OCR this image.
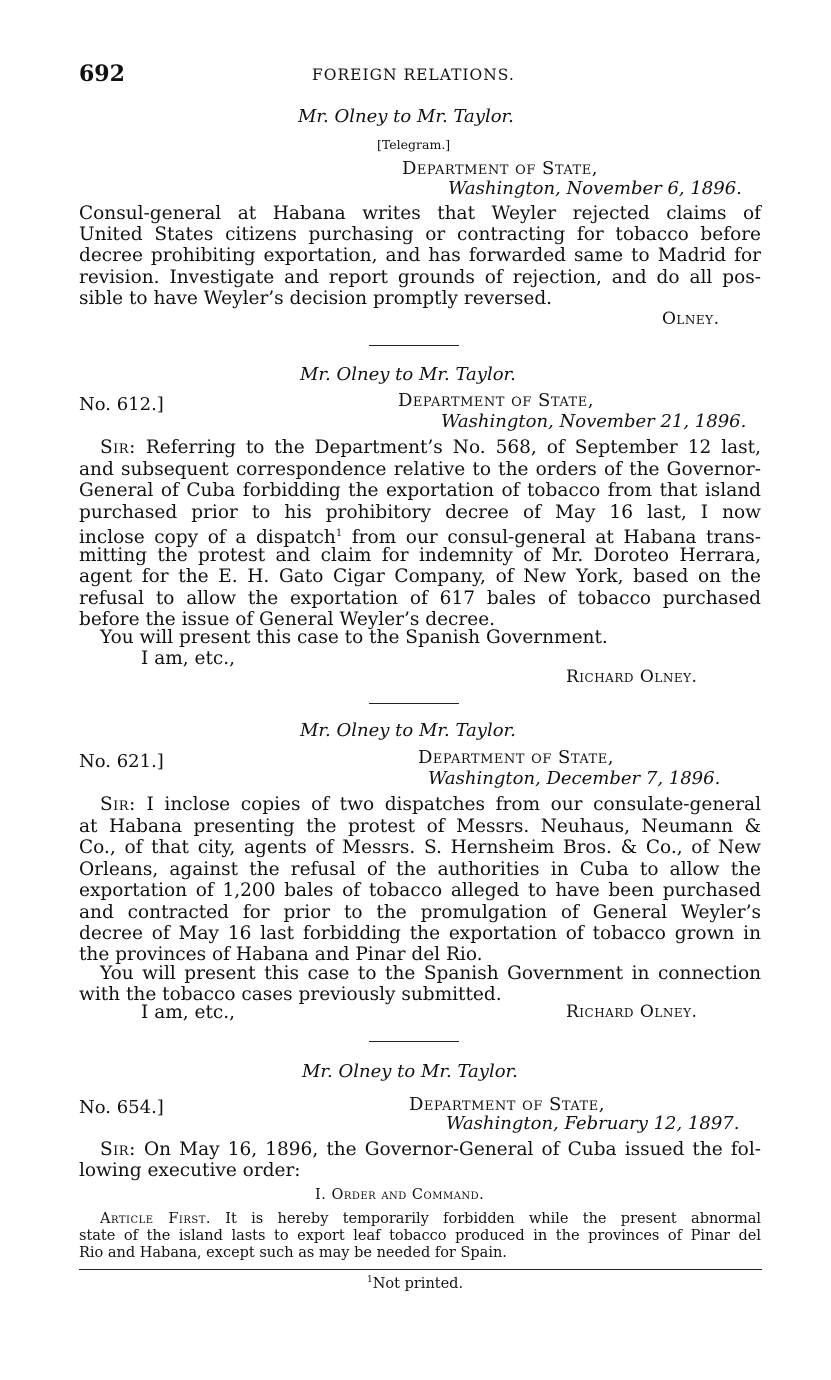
692	FOREIGN RELATIONS.
Mr. Olney to Mr. Taylor.
[Telegram.]
Department of State,
Washington, November 6, 1896.
Consul-general at Habana writes that Weyler rejected claims of
United States citizens purchasing or contracting for tobacco before
decree prohibiting exportation, and has forwarded same to Madrid for
revision. Investigate and report grounds of rejection, and do all pos-
sible to have Weyler’s decision promptly reversed.
Olney.
Mr. Olney to Mr. Taylor.
No. 612.]	Department of State,
Washington, November 21, 1896.
Sir: Referring to the Department’s No. 568, of September 12 last,
and subsequent correspondence relative to the orders of the Governor-
General of Cuba forbidding the exportation of tobacco from that island
purchased prior to his prohibitory decree of May 16 last, I now
inclose copy of a dispatch$^1$ from our consul-general at Habana trans-
mitting the protest and claim for indemnity of Mr. Doroteo Herrara,
agent for the E. H. Gato Cigar Company, of New York, based on the
refusal to allow the exportation of 617 bales of tobacco purchased
before the issue of General Weyler’s decree.
You will present this case to the Spanish Government.
I am, etc.,
Richard Olney.
Mr. Olney to Mr. Taylor.
No. 621.]	Department of State,
Washington, December 7, 1896.
Sir: I inclose copies of two dispatches from our consulate-general
at Habana presenting the protest of Messrs. Neuhaus, Neumann &
Co., of that city, agents of Messrs. S. Hernsheim Bros. & Co., of New
Orleans, against the refusal of the authorities in Cuba to allow the
exportation of 1,200 bales of tobacco alleged to have been purchased
and contracted for prior to the promulgation of General Weyler’s
decree of May 16 last forbidding the exportation of tobacco grown in
the provinces of Habana and Pinar del Rio.
You will present this case to the Spanish Government in connection
with the tobacco cases previously submitted.
I am, etc.,	Richard Olney.
Mr. Olney to Mr. Taylor.
No. 654.]	Department of State,
Washington, February 12, 1897.
Sir: On May 16, 1896, the Governor-General of Cuba issued the fol-
lowing executive order:
I. Order and Command.
Article First. It is hereby temporarily forbidden while the present abnormal
state of the island lasts to export leaf tobacco produced in the provinces of Pinar del
Rio and Habana, except such as may be needed for Spain.
$^1$Not printed.
